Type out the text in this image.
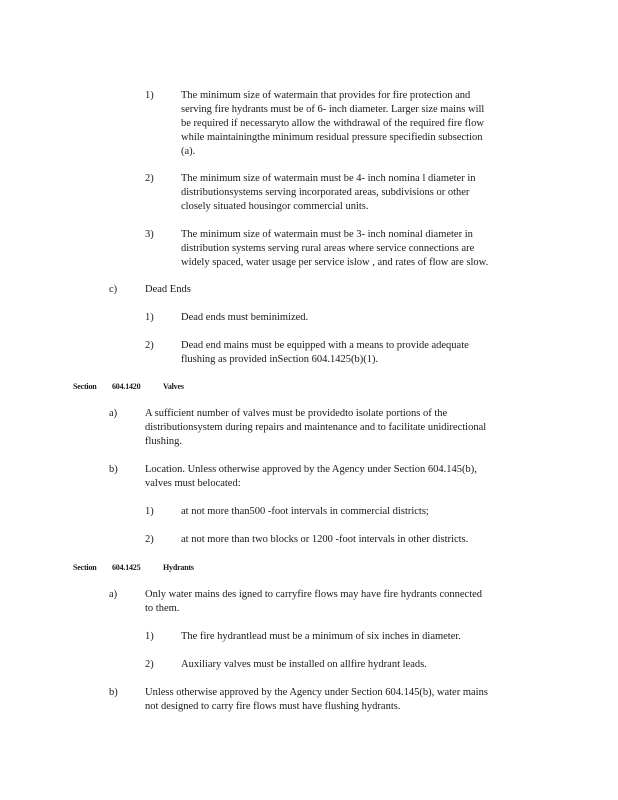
1)	The minimum size of watermain that provides for fire protection and

serving fire hydrants must be of 6- inch diameter. Larger size mains will

be required if necessaryto allow the withdrawal of the required fire flow

while maintainingthe minimum residual pressure specifiedin subsection

(a).

2)	The minimum size of watermain must be 4- inch nomina l diameter in

distributionsystems serving incorporated areas, subdivisions or other

closely situated housingor commercial units.

3)	The minimum size of watermain must be 3- inch nominal diameter in

distribution systems serving rural areas where service connections are

widely spaced, water usage per service islow , and rates of flow are slow.

c)	Dead Ends

1)	Dead ends must beminimized.

2)	Dead end mains must be equipped with a means to provide adequate

flushing as provided inSection 604.1425(b)(1).

Section 604.1420	Valves
a)	A sufficient number of valves must be providedto isolate portions of the

distributionsystem during repairs and maintenance and to facilitate unidirectional

flushing.

b)	Location. Unless otherwise approved by the Agency under Section 604.145(b),

valves must belocated:

1)	at not more than500 -foot intervals in commercial districts;

2)	at not more than two blocks or 1200 -foot intervals in other districts.

Section 604.1425	Hydrants
a)	Only water mains des igned to carryfire flows may have fire hydrants connected

to them.

1)	The fire hydrantlead must be a minimum of six inches in diameter.

2)	Auxiliary valves must be installed on allfire hydrant leads.

b)	Unless otherwise approved by the Agency under Section 604.145(b), water mains

not designed to carry fire flows must have flushing hydrants.
